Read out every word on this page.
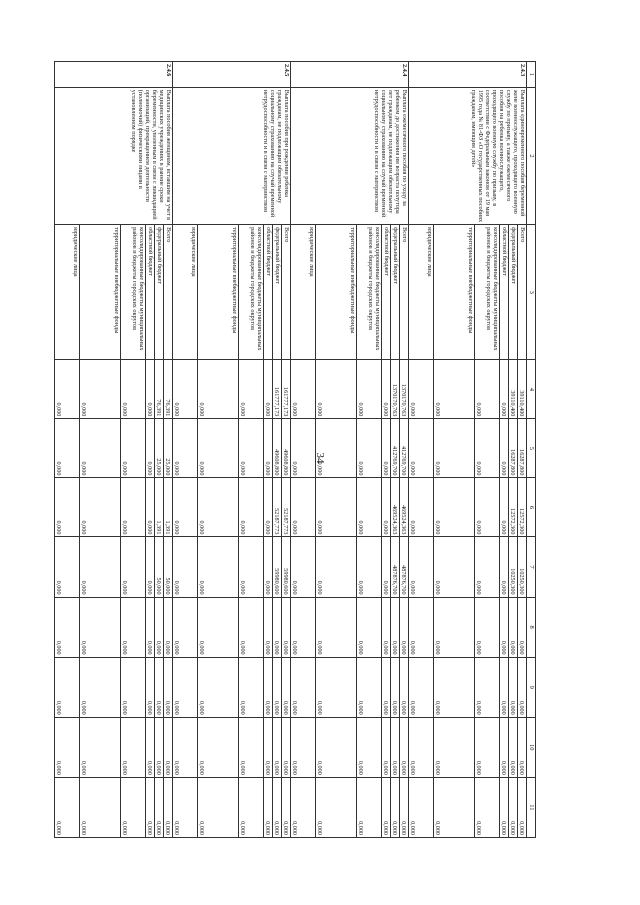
34
1	2	3	4	5	6	7	8	9	10	11
2.4.3	Выплата единовременного пособия беременной жене военнослужащего, проходящего военную службу по призыву, а также ежемесячного пособия на ребенка военнослужащего, проходящего военную службу по призыву, в соответствии с Федеральным законом от 19 мая 1995 года № 81-ФЗ «О государственных пособиях гражданам, имеющим детей»	Всего	39110,400	16287,800	12572,300	10250,300	0,000	0,000	0,000	0,000
		федеральный бюджет	39110,400	16287,800	12572,300	10250,300	0,000	0,000	0,000	0,000
		областной бюджет	0,000	0,000	0,000	0,000	0,000	0,000	0,000	0,000
		консолидированные бюджеты муниципальных районов и бюджеты городских округов	0,000	0,000	0,000	0,000	0,000	0,000	0,000	0,000
		территориальные внебюджетные фонды	0,000	0,000	0,000	0,000	0,000	0,000	0,000	0,000
		юридические лица	0,000	0,000	0,000	0,000	0,000	0,000	0,000	0,000
2.4.4	Выплата ежемесячного пособия по уходу за ребенком до достижения им возраста полутора лет гражданам, не подлежащим обязательному социальному страхованию на случай временной нетрудоспособности и в связи с материнством	Всего	1370170,763	412769,700	469524,363	487876,700	0,000	0,000	0,000	0,000
		федеральный бюджет	1370170,763	412769,700	469524,363	487876,700	0,000	0,000	0,000	0,000
		областной бюджет	0,000	0,000	0,000	0,000	0,000	0,000	0,000	0,000
		консолидированные бюджеты муниципальных районов и бюджеты городских округов	0,000	0,000	0,000	0,000	0,000	0,000	0,000	0,000
		территориальные внебюджетные фонды	0,000	0,000	0,000	0,000	0,000	0,000	0,000	0,000
		юридические лица	0,000	0,000	0,000	0,000	0,000	0,000	0,000	0,000
2.4.5	Выплата пособия при рождении ребенка гражданам, не подлежащим обязательному социальному страхованию на случай временной нетрудоспособности и в связи с материнством	Всего	161777,173	49608,800	52187,773	59980,600	0,000	0,000	0,000	0,000
		федеральный бюджет	161777,173	49608,800	52187,773	59980,600	0,000	0,000	0,000	0,000
		областной бюджет	0,000	0,000	0,000	0,000	0,000	0,000	0,000	0,000
		консолидированные бюджеты муниципальных районов и бюджеты городских округов	0,000	0,000	0,000	0,000	0,000	0,000	0,000	0,000
		территориальные внебюджетные фонды	0,000	0,000	0,000	0,000	0,000	0,000	0,000	0,000
		юридические лица	0,000	0,000	0,000	0,000	0,000	0,000	0,000	0,000
2.4.6	Выплата пособия женщинам, вставшим на учет в медицинских учреждениях в ранние сроки беременности, уволенным в связи с ликвидацией организаций, прекращением деятельности (полномочий) физическими лицами в установленном порядке	Всего	76,391	25,000	1,391	50,000	0,000	0,000	0,000	0,000
		федеральный бюджет	76,391	25,000	1,391	50,000	0,000	0,000	0,000	0,000
		областной бюджет	0,000	0,000	0,000	0,000	0,000	0,000	0,000	0,000
		консолидированные бюджеты муниципальных районов и бюджеты городских округов	0,000	0,000	0,000	0,000	0,000	0,000	0,000	0,000
		территориальные внебюджетные фонды	0,000	0,000	0,000	0,000	0,000	0,000	0,000	0,000
		юридические лица	0,000	0,000	0,000	0,000	0,000	0,000	0,000	0,000
